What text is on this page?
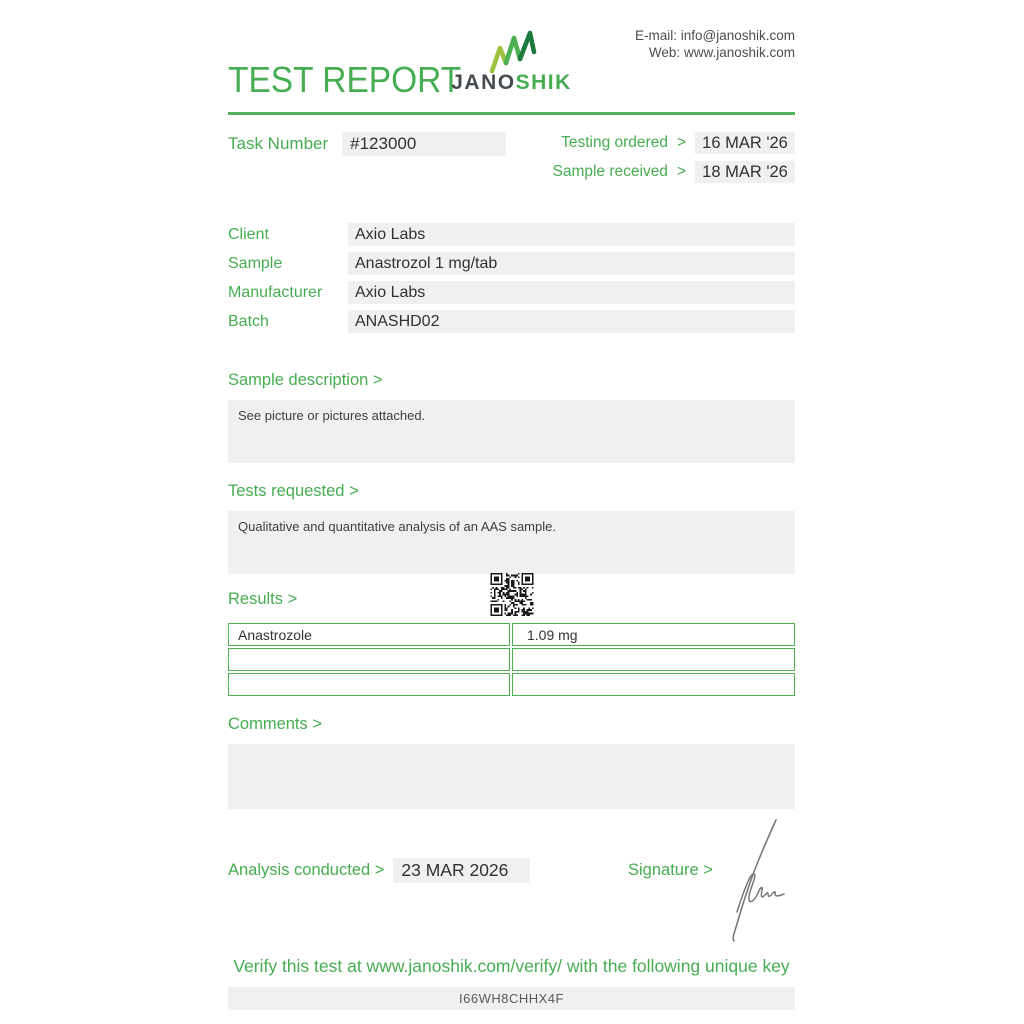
TEST REPORT
JANOSHIK
E-mail: info@janoshik.com
Web: www.janoshik.com
Task Number	#123000	Testing ordered > 16 MAR '26
Sample received > 18 MAR '26
Client	Axio Labs
Sample	Anastrozol 1 mg/tab
Manufacturer	Axio Labs
Batch	ANASHD02
Sample description >
See picture or pictures attached.
Tests requested >
Qualitative and quantitative analysis of an AAS sample.
Results >
Anastrozole	1.09 mg
Comments >
Analysis conducted > 23 MAR 2026	Signature >
Verify this test at www.janoshik.com/verify/ with the following unique key
I66WH8CHHX4F
